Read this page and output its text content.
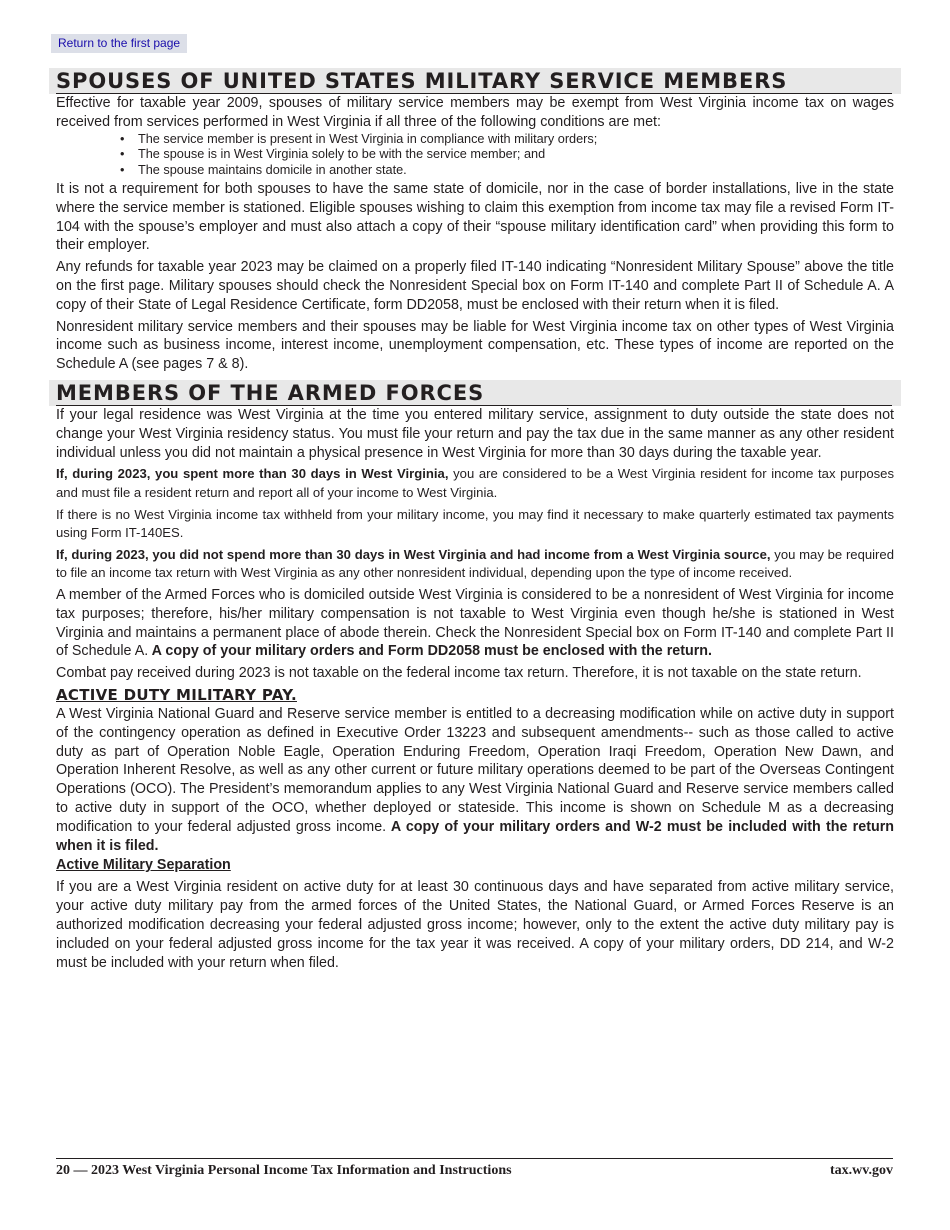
Return to the first page
SPOUSES OF UNITED STATES MILITARY SERVICE MEMBERS

Effective for taxable year 2009, spouses of military service members may be exempt from West Virginia income tax on wages received from services performed in West Virginia if all three of the following conditions are met:

• The service member is present in West Virginia in compliance with military orders;
• The spouse is in West Virginia solely to be with the service member; and
• The spouse maintains domicile in another state.

It is not a requirement for both spouses to have the same state of domicile, nor in the case of border installations, live in the state where the service member is stationed. Eligible spouses wishing to claim this exemption from income tax may file a revised Form IT-104 with the spouse’s employer and must also attach a copy of their “spouse military identification card” when providing this form to their employer.

Any refunds for taxable year 2023 may be claimed on a properly filed IT-140 indicating “Nonresident Military Spouse” above the title on the first page. Military spouses should check the Nonresident Special box on Form IT-140 and complete Part II of Schedule A. A copy of their State of Legal Residence Certificate, form DD2058, must be enclosed with their return when it is filed.

Nonresident military service members and their spouses may be liable for West Virginia income tax on other types of West Virginia income such as business income, interest income, unemployment compensation, etc. These types of income are reported on the Schedule A (see pages 7 & 8).

MEMBERS OF THE ARMED FORCES

If your legal residence was West Virginia at the time you entered military service, assignment to duty outside the state does not change your West Virginia residency status. You must file your return and pay the tax due in the same manner as any other resident individual unless you did not maintain a physical presence in West Virginia for more than 30 days during the taxable year.

If, during 2023, you spent more than 30 days in West Virginia, you are considered to be a West Virginia resident for income tax purposes and must file a resident return and report all of your income to West Virginia.

If there is no West Virginia income tax withheld from your military income, you may find it necessary to make quarterly estimated tax payments using Form IT-140ES.

If, during 2023, you did not spend more than 30 days in West Virginia and had income from a West Virginia source, you may be required to file an income tax return with West Virginia as any other nonresident individual, depending upon the type of income received.

A member of the Armed Forces who is domiciled outside West Virginia is considered to be a nonresident of West Virginia for income tax purposes; therefore, his/her military compensation is not taxable to West Virginia even though he/she is stationed in West Virginia and maintains a permanent place of abode therein. Check the Nonresident Special box on Form IT-140 and complete Part II of Schedule A. A copy of your military orders and Form DD2058 must be enclosed with the return.

Combat pay received during 2023 is not taxable on the federal income tax return. Therefore, it is not taxable on the state return.

ACTIVE DUTY MILITARY PAY.

A West Virginia National Guard and Reserve service member is entitled to a decreasing modification while on active duty in support of the contingency operation as defined in Executive Order 13223 and subsequent amendments-- such as those called to active duty as part of Operation Noble Eagle, Operation Enduring Freedom, Operation Iraqi Freedom, Operation New Dawn, and Operation Inherent Resolve, as well as any other current or future military operations deemed to be part of the Overseas Contingent Operations (OCO). The President’s memorandum applies to any West Virginia National Guard and Reserve service members called to active duty in support of the OCO, whether deployed or stateside. This income is shown on Schedule M as a decreasing modification to your federal adjusted gross income. A copy of your military orders and W-2 must be included with the return when it is filed.

Active Military Separation

If you are a West Virginia resident on active duty for at least 30 continuous days and have separated from active military service, your active duty military pay from the armed forces of the United States, the National Guard, or Armed Forces Reserve is an authorized modification decreasing your federal adjusted gross income; however, only to the extent the active duty military pay is included on your federal adjusted gross income for the tax year it was received. A copy of your military orders, DD 214, and W-2 must be included with your return when filed.

20 — 2023 West Virginia Personal Income Tax Information and Instructions	tax.wv.gov
